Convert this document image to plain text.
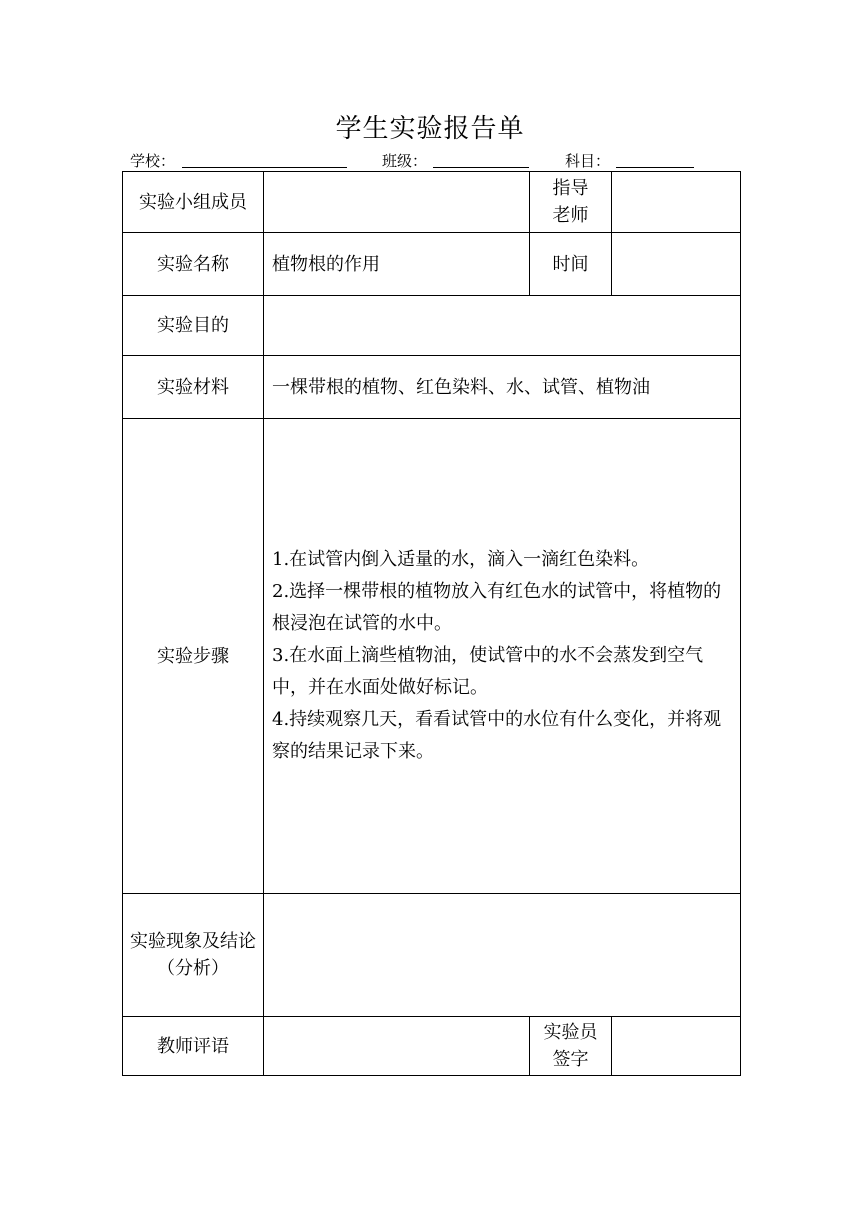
学生实验报告单
学校：	班级：	科目：
实验小组成员		指导
老师	

实验名称	植物根的作用	时间	
实验目的			
实验材料	一棵带根的植物、红色染料、水、试管、植物油		
实验步骤	1.在试管内倒入适量的水，滴入一滴红色染料。

2.选择一棵带根的植物放入有红色水的试管中，将植物的根浸泡在试管的水中。

3.在水面上滴些植物油，使试管中的水不会蒸发到空气中，并在水面处做好标记。

4.持续观察几天，看看试管中的水位有什么变化，并将观察的结果记录下来。		

实验现象及结论（分析）			
教师评语		实验员
签字	
